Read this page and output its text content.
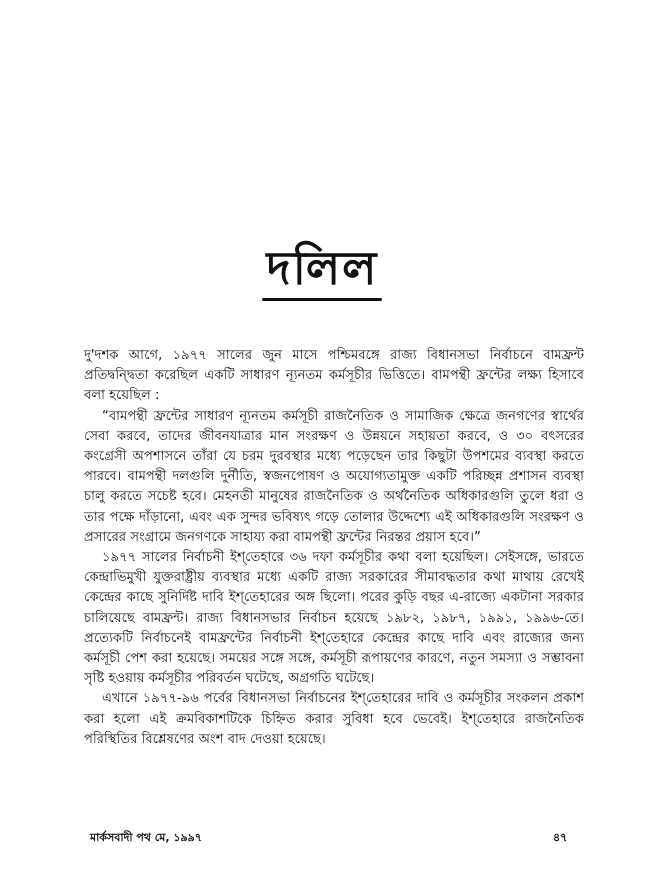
দলিল

দু'দশক আগে, ১৯৭৭ সালের জুন মাসে পশ্চিমবঙ্গে রাজ্য বিধানসভা নির্বাচনে বামফ্রন্ট প্রতিদ্বন্দ্বিতা করেছিল একটি সাধারণ ন্যূনতম কর্মসূচীর ভিত্তিতে। বামপন্থী ফ্রন্টের লক্ষ্য হিসাবে বলা হয়েছিল :

“বামপন্থী ফ্রন্টের সাধারণ ন্যূনতম কর্মসূচী রাজনৈতিক ও সামাজিক ক্ষেত্রে জনগণের স্বার্থের সেবা করবে, তাদের জীবনযাত্রার মান সংরক্ষণ ও উন্নয়নে সহায়তা করবে, ও ৩০ বৎসরের কংগ্রেসী অপশাসনে তাঁরা যে চরম দুরবস্থার মধ্যে পড়েছেন তার কিছুটা উপশমের ব্যবস্থা করতে পারবে। বামপন্থী দলগুলি দুর্নীতি, স্বজনপোষণ ও অযোগ্যতামুক্ত একটি পরিচ্ছন্ন প্রশাসন ব্যবস্থা চালু করতে সচেষ্ট হবে। মেহনতী মানুষের রাজনৈতিক ও অর্থনৈতিক অধিকারগুলি তুলে ধরা ও তার পক্ষে দাঁড়ানো, এবং এক সুন্দর ভবিষ্যৎ গড়ে তোলার উদ্দেশ্যে এই অধিকারগুলি সংরক্ষণ ও প্রসারের সংগ্রামে জনগণকে সাহায্য করা বামপন্থী ফ্রন্টের নিরন্তর প্রয়াস হবে।”

১৯৭৭ সালের নির্বাচনী ইশ্‌তেহারে ৩৬ দফা কর্মসূচীর কথা বলা হয়েছিল। সেইসঙ্গে, ভারতে কেন্দ্রাভিমুখী যুক্তরাষ্ট্রীয় ব্যবস্থার মধ্যে একটি রাজ্য সরকারের সীমাবদ্ধতার কথা মাথায় রেখেই কেন্দ্রের কাছে সুনির্দিষ্ট দাবি ইশ্‌তেহারের অঙ্গ ছিলো। পরের কুড়ি বছর এ-রাজ্যে একটানা সরকার চালিয়েছে বামফ্রন্ট। রাজ্য বিধানসভার নির্বাচন হয়েছে ১৯৮২, ১৯৮৭, ১৯৯১, ১৯৯৬-তে। প্রত্যেকটি নির্বাচনেই বামফ্রন্টের নির্বাচনী ইশ্‌তেহারে কেন্দ্রের কাছে দাবি এবং রাজ্যের জন্য কর্মসূচী পেশ করা হয়েছে। সময়ের সঙ্গে সঙ্গে, কর্মসূচী রূপায়ণের কারণে, নতুন সমস্যা ও সম্ভাবনা সৃষ্টি হওয়ায় কর্মসূচীর পরিবর্তন ঘটেছে, অগ্রগতি ঘটেছে।

এখানে ১৯৭৭-৯৬ পর্বের বিধানসভা নির্বাচনের ইশ্‌তেহারের দাবি ও কর্মসূচীর সংকলন প্রকাশ করা হলো এই ক্রমবিকাশটিকে চিহ্নিত করার সুবিধা হবে ভেবেই। ইশ্‌তেহারে রাজনৈতিক পরিস্থিতির বিশ্লেষণের অংশ বাদ দেওয়া হয়েছে।

মার্কসবাদী পথ মে, ১৯৯৭	৪৭
